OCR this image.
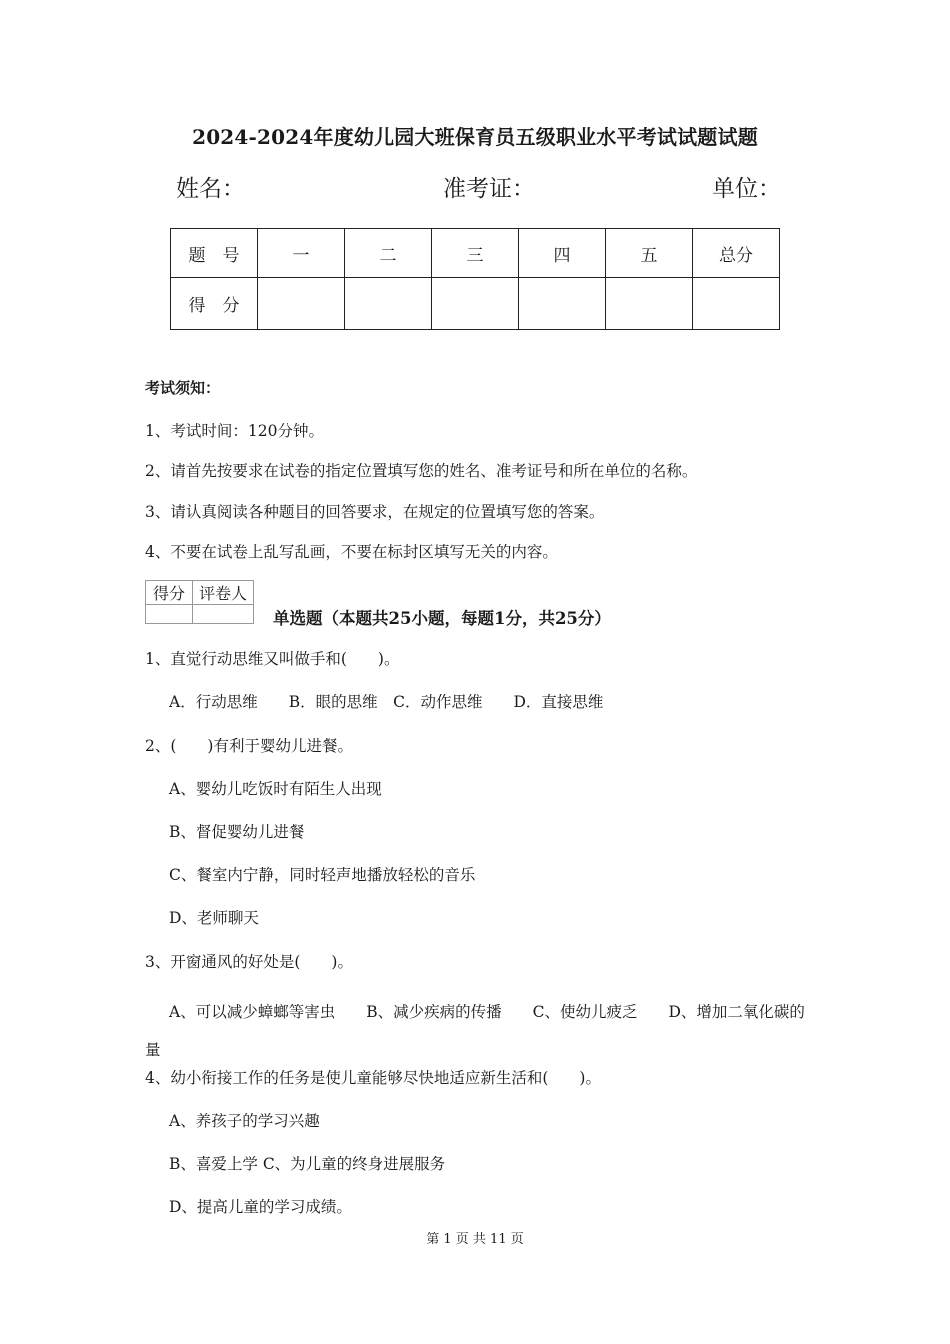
2024-2024年度幼儿园大班保育员五级职业水平考试试题试题
姓名：	准考证：	单位：
题　号	一	二	三	四	五	总分
得　分						
考试须知：
1、考试时间：120分钟。
2、请首先按要求在试卷的指定位置填写您的姓名、准考证号和所在单位的名称。
3、请认真阅读各种题目的回答要求，在规定的位置填写您的答案。
4、不要在试卷上乱写乱画，不要在标封区填写无关的内容。
得分	评卷人

单选题（本题共25小题，每题1分，共25分）
1、直觉行动思维又叫做手和(　　)。
A．行动思维　　B．眼的思维　C．动作思维　　D．直接思维
2、(　　)有利于婴幼儿进餐。
A、婴幼儿吃饭时有陌生人出现
B、督促婴幼儿进餐
C、餐室内宁静，同时轻声地播放轻松的音乐
D、老师聊天
3、开窗通风的好处是(　　)。
A、可以减少蟑螂等害虫　　B、减少疾病的传播　　C、使幼儿疲乏　　D、增加二氧化碳的量
4、幼小衔接工作的任务是使儿童能够尽快地适应新生活和(　　)。
A、养孩子的学习兴趣
B、喜爱上学 C、为儿童的终身进展服务
D、提高儿童的学习成绩。
第 1 页 共 11 页
